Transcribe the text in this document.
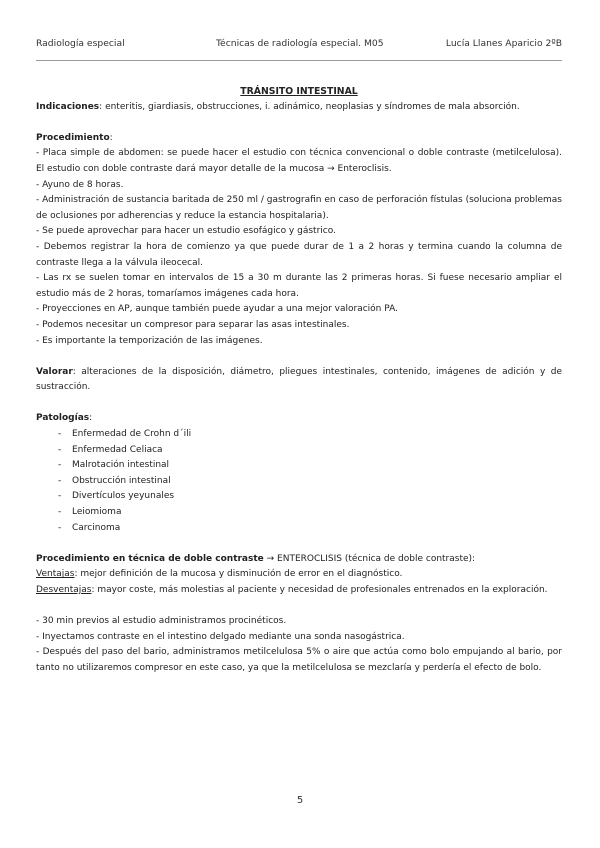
Radiología especial	Técnicas de radiología especial. M05	Lucía Llanes Aparicio 2ºB

TRÁNSITO INTESTINAL

Indicaciones: enteritis, giardiasis, obstrucciones, i. adinámico, neoplasias y síndromes de mala absorción.

Procedimiento:

- Placa simple de abdomen: se puede hacer el estudio con técnica convencional o doble contraste (metilcelulosa). El estudio con doble contraste dará mayor detalle de la mucosa → Enteroclisis.

- Ayuno de 8 horas.

- Administración de sustancia baritada de 250 ml / gastrografin en caso de perforación fístulas (soluciona problemas de oclusiones por adherencias y reduce la estancia hospitalaria).

- Se puede aprovechar para hacer un estudio esofágico y gástrico.

- Debemos registrar la hora de comienzo ya que puede durar de 1 a 2 horas y termina cuando la columna de contraste llega a la válvula ileocecal.

- Las rx se suelen tomar en intervalos de 15 a 30 m durante las 2 primeras horas. Si fuese necesario ampliar el estudio más de 2 horas, tomaríamos imágenes cada hora.

- Proyecciones en AP, aunque también puede ayudar a una mejor valoración PA.

- Podemos necesitar un compresor para separar las asas intestinales.

- Es importante la temporización de las imágenes.

Valorar: alteraciones de la disposición, diámetro, pliegues intestinales, contenido, imágenes de adición y de sustracción.

Patologías:

- Enfermedad de Crohn d´ili
- Enfermedad Celiaca
- Malrotación intestinal
- Obstrucción intestinal
- Divertículos yeyunales
- Leiomioma
- Carcinoma

Procedimiento en técnica de doble contraste → ENTEROCLISIS (técnica de doble contraste):

Ventajas: mejor definición de la mucosa y disminución de error en el diagnóstico.

Desventajas: mayor coste, más molestias al paciente y necesidad de profesionales entrenados en la exploración.

- 30 min previos al estudio administramos procinéticos.

- Inyectamos contraste en el intestino delgado mediante una sonda nasogástrica.

- Después del paso del bario, administramos metilcelulosa 5% o aire que actúa como bolo empujando al bario, por tanto no utilizaremos compresor en este caso, ya que la metilcelulosa se mezclaría y perdería el efecto de bolo.

5
